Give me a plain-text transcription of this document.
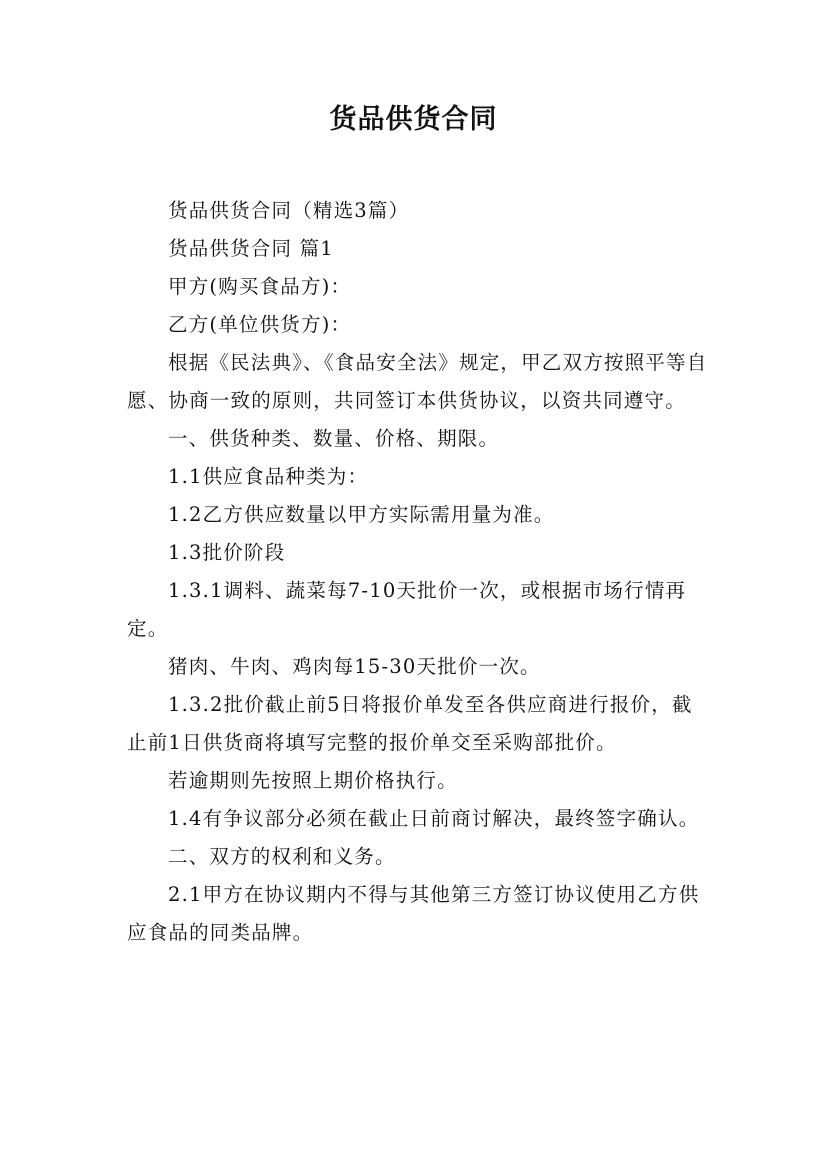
货品供货合同

货品供货合同（精选3篇）

货品供货合同 篇1

甲方(购买食品方)：

乙方(单位供货方)：

根据《民法典》、《食品安全法》规定，甲乙双方按照平等自愿、协商一致的原则，共同签订本供货协议，以资共同遵守。

一、供货种类、数量、价格、期限。

1.1供应食品种类为：

1.2乙方供应数量以甲方实际需用量为准。

1.3批价阶段

1.3.1调料、蔬菜每7-10天批价一次，或根据市场行情再定。

猪肉、牛肉、鸡肉每15-30天批价一次。

1.3.2批价截止前5日将报价单发至各供应商进行报价，截止前1日供货商将填写完整的报价单交至采购部批价。

若逾期则先按照上期价格执行。

1.4有争议部分必须在截止日前商讨解决，最终签字确认。

二、双方的权利和义务。

2.1甲方在协议期内不得与其他第三方签订协议使用乙方供应食品的同类品牌。
